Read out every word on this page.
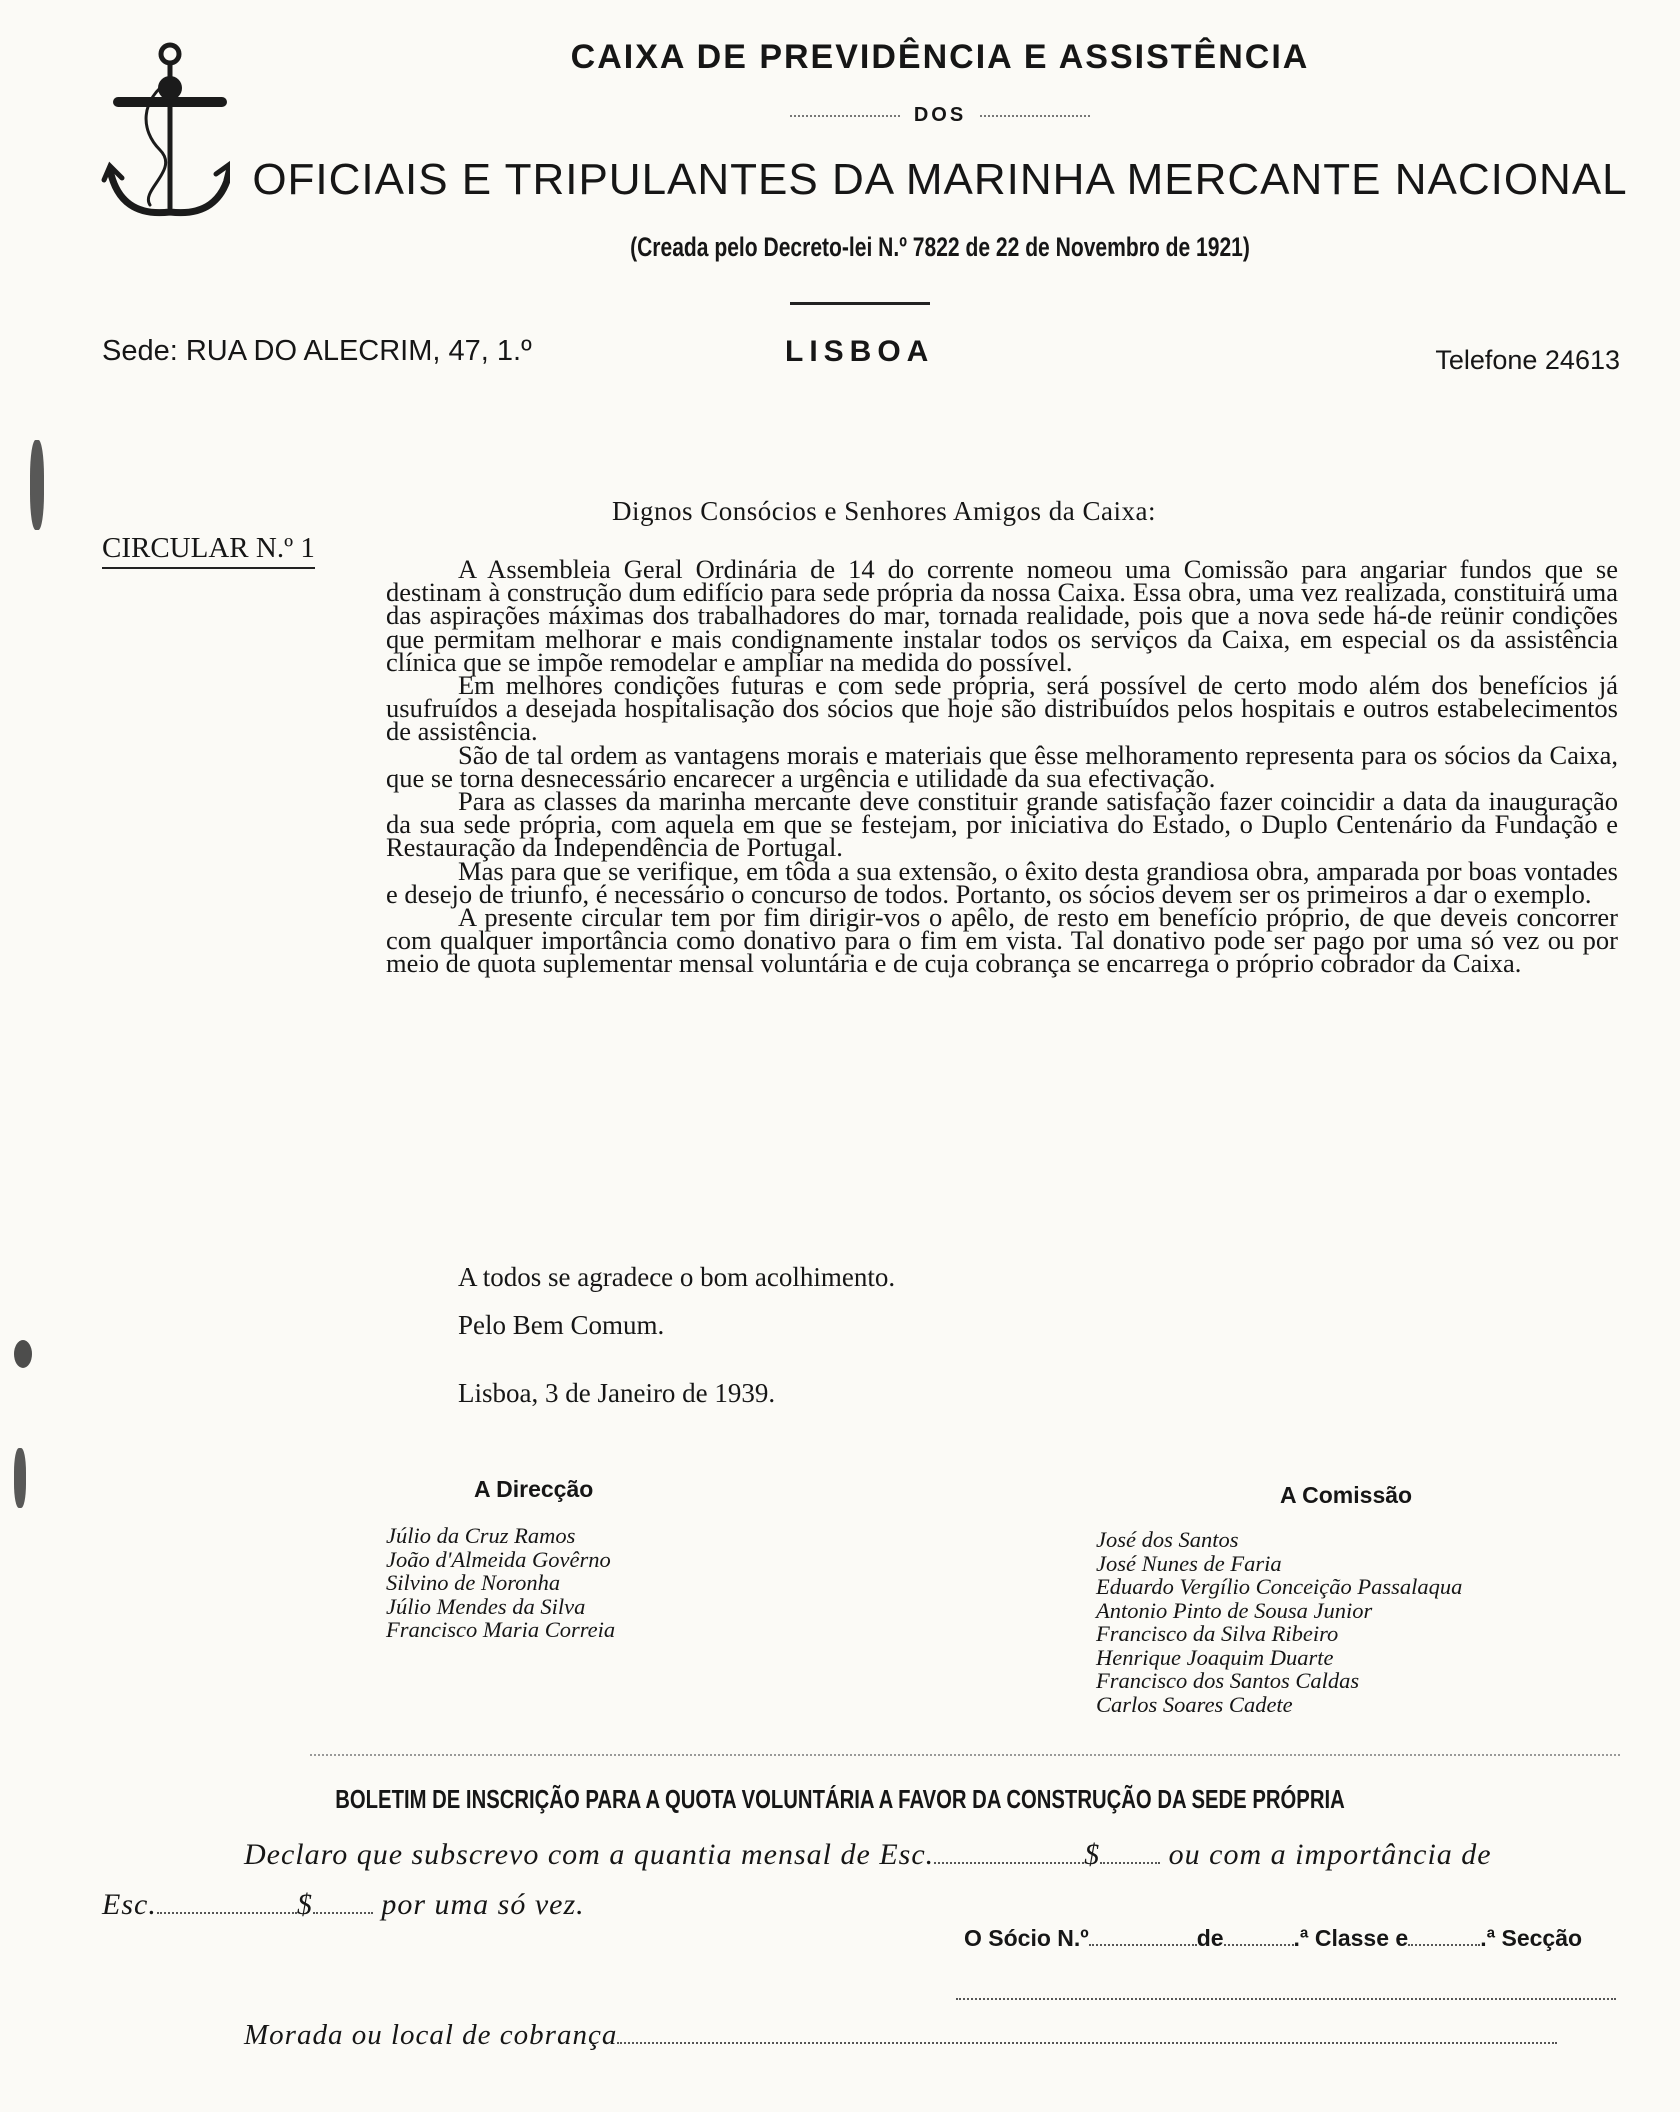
CAIXA DE PREVIDÊNCIA E ASSISTÊNCIA
DOS
OFICIAIS E TRIPULANTES DA MARINHA MERCANTE NACIONAL
(Creada pelo Decreto-lei N.º 7822 de 22 de Novembro de 1921)
Sede: RUA DO ALECRIM, 47, 1.º	LISBOA	Telefone 24613
CIRCULAR N.º 1
Dignos Consócios e Senhores Amigos da Caixa:

A Assembleia Geral Ordinária de 14 do corrente nomeou uma Comissão para angariar fundos que se destinam à construção dum edifício para sede própria da nossa Caixa. Essa obra, uma vez realizada, constituirá uma das aspirações máximas dos trabalhadores do mar, tornada realidade, pois que a nova sede há-de reünir condições que permitam melhorar e mais condignamente instalar todos os serviços da Caixa, em especial os da assistência clínica que se impõe remodelar e ampliar na medida do possível.

Em melhores condições futuras e com sede própria, será possível de certo modo além dos benefícios já usufruídos a desejada hospitalisação dos sócios que hoje são distribuídos pelos hospitais e outros estabelecimentos de assistência.

São de tal ordem as vantagens morais e materiais que êsse melhoramento representa para os sócios da Caixa, que se torna desnecessário encarecer a urgência e utilidade da sua efectivação.

Para as classes da marinha mercante deve constituir grande satisfação fazer coincidir a data da inauguração da sua sede própria, com aquela em que se festejam, por iniciativa do Estado, o Duplo Centenário da Fundação e Restauração da Independência de Portugal.

Mas para que se verifique, em tôda a sua extensão, o êxito desta grandiosa obra, amparada por boas vontades e desejo de triunfo, é necessário o concurso de todos. Portanto, os sócios devem ser os primeiros a dar o exemplo.

A presente circular tem por fim dirigir-vos o apêlo, de resto em benefício próprio, de que deveis concorrer com qualquer importância como donativo para o fim em vista. Tal donativo pode ser pago por uma só vez ou por meio de quota suplementar mensal voluntária e de cuja cobrança se encarrega o próprio cobrador da Caixa.

A todos se agradece o bom acolhimento.
Pelo Bem Comum.
Lisboa, 3 de Janeiro de 1939.
A Direcção
Júlio da Cruz Ramos
João d'Almeida Govêrno
Silvino de Noronha
Júlio Mendes da Silva
Francisco Maria Correia
A Comissão
José dos Santos
José Nunes de Faria
Eduardo Vergílio Conceição Passalaqua
Antonio Pinto de Sousa Junior
Francisco da Silva Ribeiro
Henrique Joaquim Duarte
Francisco dos Santos Caldas
Carlos Soares Cadete
BOLETIM DE INSCRIÇÃO PARA A QUOTA VOLUNTÁRIA A FAVOR DA CONSTRUÇÃO DA SEDE PRÓPRIA
Declaro que subscrevo com a quantia mensal de Esc.	$ ou com a importância de
Esc.	$ por uma só vez.
O Sócio N.º	de	.ª Classe e	.ª Secção
Morada ou local de cobrança
